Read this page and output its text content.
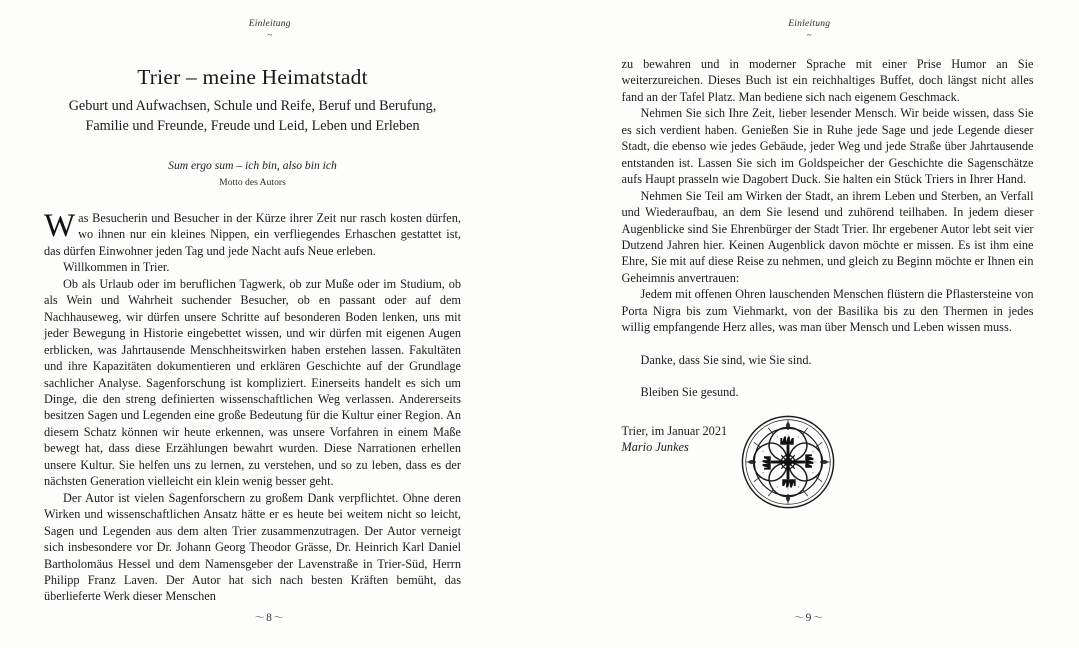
Einleitung
~
Trier – meine Heimatstadt
Geburt und Aufwachsen, Schule und Reife, Beruf und Berufung,
Familie und Freunde, Freude und Leid, Leben und Erleben
Sum ergo sum – ich bin, also bin ich
Motto des Autors

Was Besucherin und Besucher in der Kürze ihrer Zeit nur rasch kosten dürfen, wo ihnen nur ein kleines Nippen, ein verfliegendes Erhaschen gestattet ist, das dürfen Einwohner jeden Tag und jede Nacht aufs Neue erleben.

Willkommen in Trier.

Ob als Urlaub oder im beruflichen Tagwerk, ob zur Muße oder im Studium, ob als Wein und Wahrheit suchender Besucher, ob en passant oder auf dem Nachhauseweg, wir dürfen unsere Schritte auf besonderen Boden lenken, uns mit jeder Bewegung in Historie eingebettet wissen, und wir dürfen mit eigenen Augen erblicken, was Jahrtausende Menschheitswirken haben erstehen lassen. Fakultäten und ihre Kapazitäten dokumentieren und erklären Geschichte auf der Grundlage sachlicher Analyse. Sagenforschung ist kompliziert. Einerseits handelt es sich um Dinge, die den streng definierten wissenschaftlichen Weg verlassen. Andererseits besitzen Sagen und Legenden eine große Bedeutung für die Kultur einer Region. An diesem Schatz können wir heute erkennen, was unsere Vorfahren in einem Maße bewegt hat, dass diese Erzählungen bewahrt wurden. Diese Narrationen erhellen unsere Kultur. Sie helfen uns zu lernen, zu verstehen, und so zu leben, dass es der nächsten Generation vielleicht ein klein wenig besser geht.

Der Autor ist vielen Sagenforschern zu großem Dank verpflichtet. Ohne deren Wirken und wissenschaftlichen Ansatz hätte er es heute bei weitem nicht so leicht, Sagen und Legenden aus dem alten Trier zusammenzutragen. Der Autor verneigt sich insbesondere vor Dr. Johann Georg Theodor Grässe, Dr. Heinrich Karl Daniel Bartholomäus Hessel und dem Namensgeber der Lavenstraße in Trier-Süd, Herrn Philipp Franz Laven. Der Autor hat sich nach besten Kräften bemüht, das überlieferte Werk dieser Menschen

〜8〜
Einleitung
~

zu bewahren und in moderner Sprache mit einer Prise Humor an Sie weiterzureichen. Dieses Buch ist ein reichhaltiges Buffet, doch längst nicht alles fand an der Tafel Platz. Man bediene sich nach eigenem Geschmack.

Nehmen Sie sich Ihre Zeit, lieber lesender Mensch. Wir beide wissen, dass Sie es sich verdient haben. Genießen Sie in Ruhe jede Sage und jede Legende dieser Stadt, die ebenso wie jedes Gebäude, jeder Weg und jede Straße über Jahrtausende entstanden ist. Lassen Sie sich im Goldspeicher der Geschichte die Sagenschätze aufs Haupt prasseln wie Dagobert Duck. Sie halten ein Stück Triers in Ihrer Hand.

Nehmen Sie Teil am Wirken der Stadt, an ihrem Leben und Sterben, an Verfall und Wiederaufbau, an dem Sie lesend und zuhörend teilhaben. In jedem dieser Augenblicke sind Sie Ehrenbürger der Stadt Trier. Ihr ergebener Autor lebt seit vier Dutzend Jahren hier. Keinen Augenblick davon möchte er missen. Es ist ihm eine Ehre, Sie mit auf diese Reise zu nehmen, und gleich zu Beginn möchte er Ihnen ein Geheimnis anvertrauen:

Jedem mit offenen Ohren lauschenden Menschen flüstern die Pflastersteine von Porta Nigra bis zum Viehmarkt, von der Basilika bis zu den Thermen in jedes willig empfangende Herz alles, was man über Mensch und Leben wissen muss.

Danke, dass Sie sind, wie Sie sind.

Bleiben Sie gesund.

Trier, im Januar 2021

Mario Junkes

〜9〜
